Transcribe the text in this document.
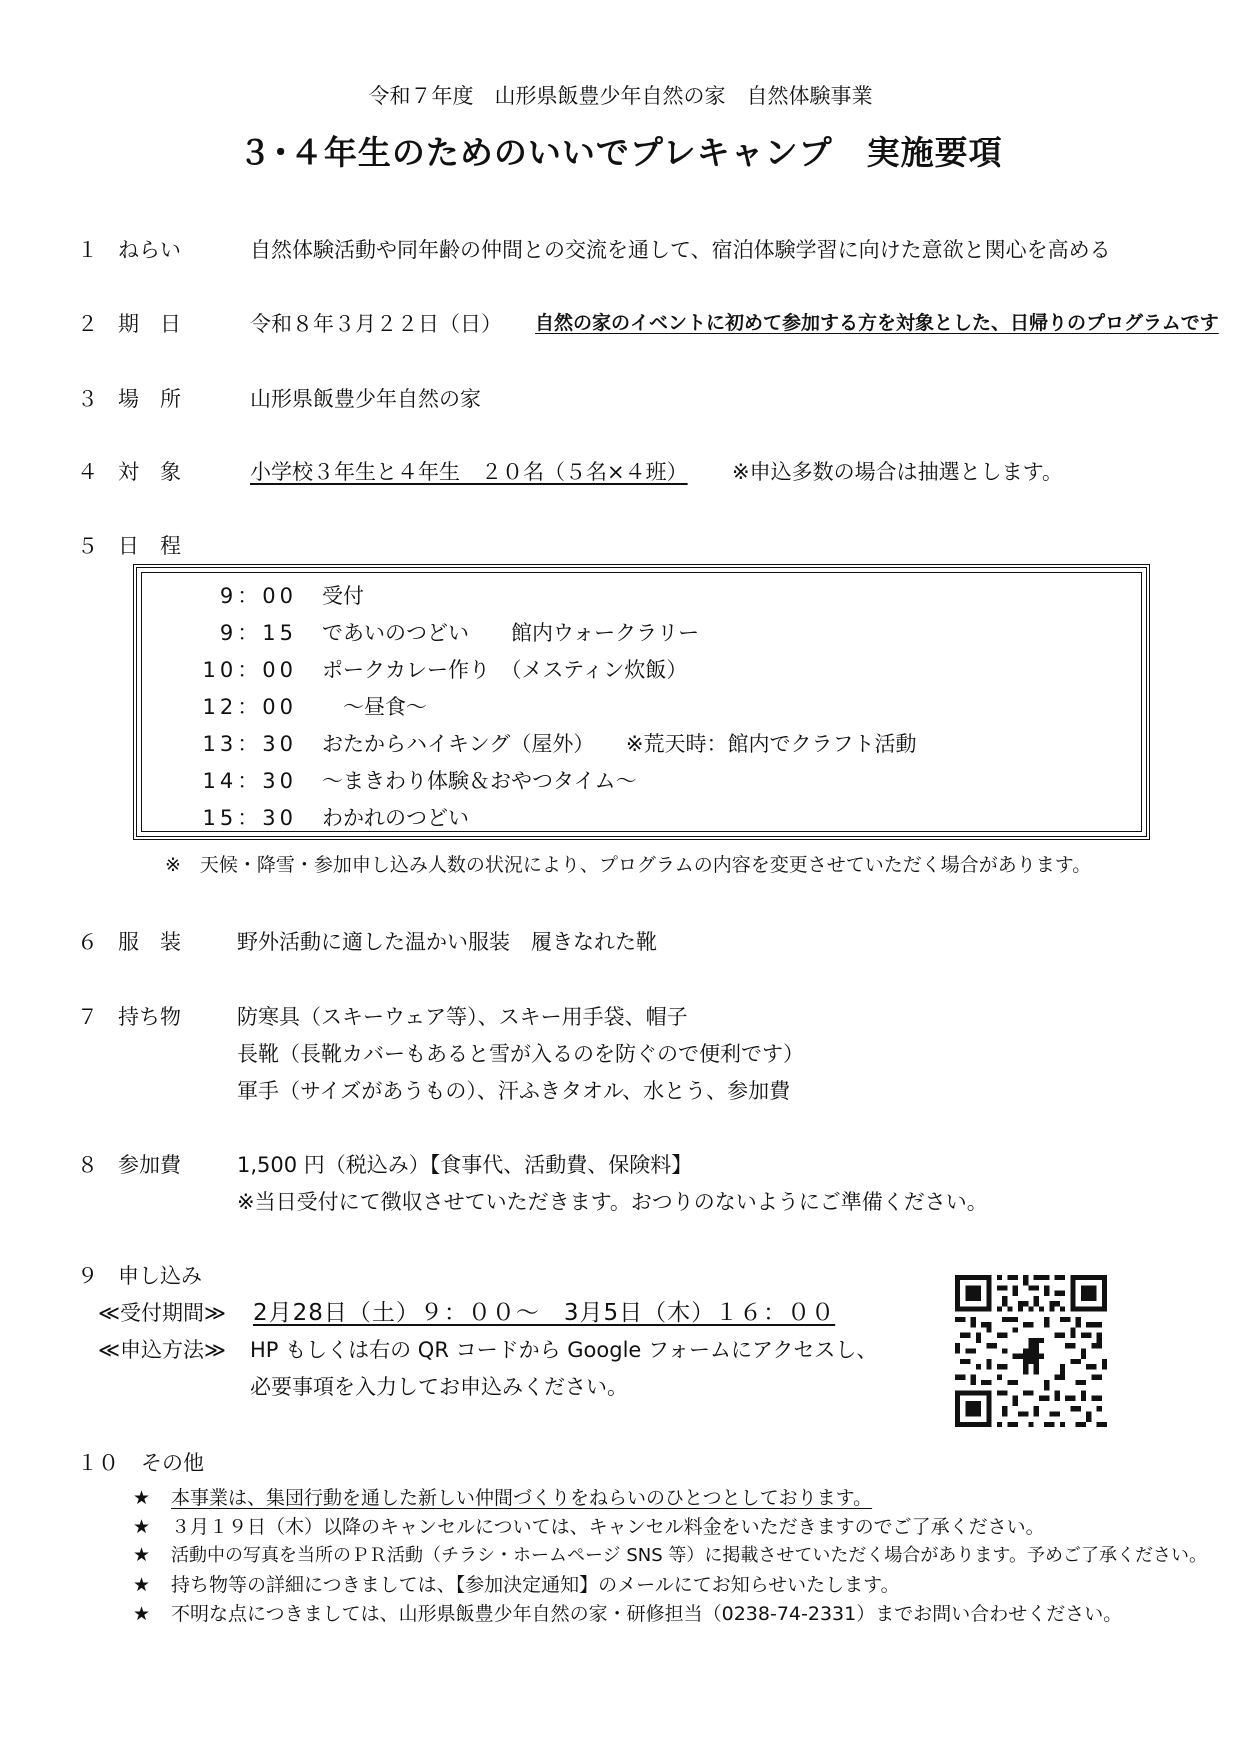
令和７年度　山形県飯豊少年自然の家　自然体験事業
３･４年生のためのいいでプレキャンプ　実施要項
１ ねらい	自然体験活動や同年齢の仲間との交流を通して、宿泊体験学習に向けた意欲と関心を高める
２ 期　日	令和８年３月２２日（日） 自然の家のイベントに初めて参加する方を対象とした、日帰りのプログラムです
３ 場　所	山形県飯豊少年自然の家
４ 対　象	小学校３年生と４年生　２０名（５名×４班） ※申込多数の場合は抽選とします。
５ 日　程
9：00 受付
9：15 であいのつどい　　館内ウォークラリー
10：00 ポークカレー作り　（メスティン炊飯）
12：00 　～昼食～
13：30 おたからハイキング（屋外）　　※荒天時：館内でクラフト活動
14：30 ～まきわり体験＆おやつタイム～
15：30 わかれのつどい
※　天候・降雪・参加申し込み人数の状況により、プログラムの内容を変更させていただく場合があります。
６ 服　装	野外活動に適した温かい服装　履きなれた靴
７ 持ち物	防寒具（スキーウェア等）、スキー用手袋、帽子
長靴（長靴カバーもあると雪が入るのを防ぐので便利です）
軍手（サイズがあうもの）、汗ふきタオル、水とう、参加費
８ 参加費	1,500 円（税込み）【食事代、活動費、保険料】
※当日受付にて徴収させていただきます。おつりのないようにご準備ください。
９ 申し込み
≪受付期間≫ 2月28日（土）９：００～　3月5日（木）１６：００
≪申込方法≫ HP もしくは右の QR コードから Google フォームにアクセスし、
必要事項を入力してお申込みください。
１０ その他
★ 本事業は、集団行動を通した新しい仲間づくりをねらいのひとつとしております。
★ ３月１９日（木）以降のキャンセルについては、キャンセル料金をいただきますのでご了承ください。
★ 活動中の写真を当所のＰＲ活動（チラシ・ホームページ SNS 等）に掲載させていただく場合があります。予めご了承ください。
★ 持ち物等の詳細につきましては、【参加決定通知】のメールにてお知らせいたします。
★ 不明な点につきましては、山形県飯豊少年自然の家・研修担当（0238-74-2331）までお問い合わせください。
